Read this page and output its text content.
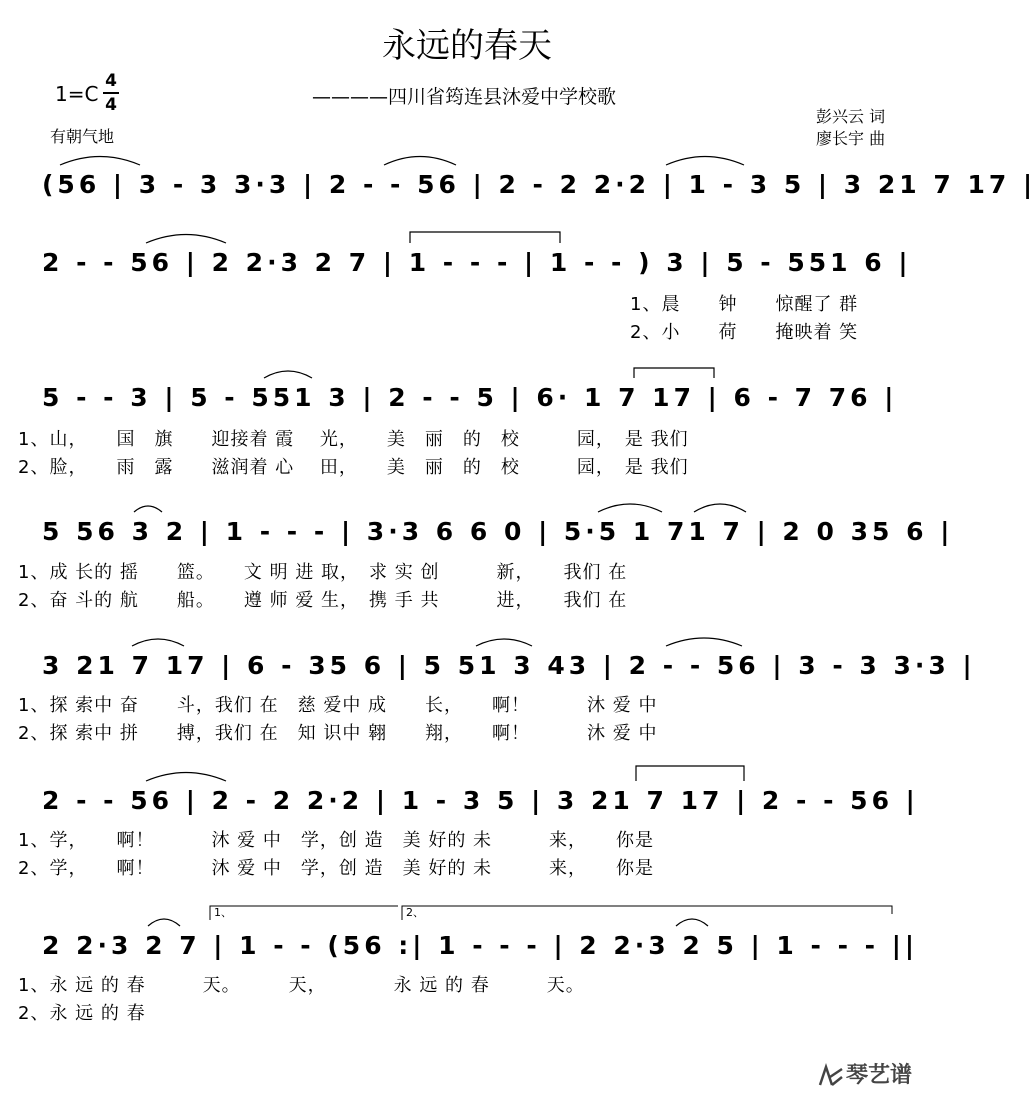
永远的春天
1=C
4
4	————四川省筠连县沐爱中学校歌
有朝气地
彭兴云 词
廖长宇 曲
(56 | 3 - 3 3·3 | 2 - - 56 | 2 - 2 2·2 | 1 - 3 5 | 3 21 7 17 |
2 - - 56 | 2 2·3 2 7 | 1 - - - | 1 - - ) 3 | 5 - 551 6 |
1、晨　　钟　　惊醒了 群
2、小　　荷　　掩映着 笑
5 - - 3 | 5 - 551 3 | 2 - - 5 | 6· 1 7 17 | 6 - 7 76 |
1、山，　　国　旗　　迎接着 霞　 光，　　美　丽　的　校　　　园，　是 我们
2、脸，　　雨　露　　滋润着 心　 田，　　美　丽　的　校　　　园，　是 我们
5 56 3 2 | 1 - - - | 3·3 6 6 0 | 5·5 1 71 7 | 2 0 35 6 |
1、成 长的 摇　　篮。　　文 明 进 取，　求 实 创　　　新，　　我们 在
2、奋 斗的 航　　船。　　遵 师 爱 生，　携 手 共　　　进，　　我们 在
3 21 7 17 | 6 - 35 6 | 5 51 3 43 | 2 - - 56 | 3 - 3 3·3 |
1、探 索中 奋　　斗，我们 在　慈 爱中 成　　长，　　啊！　　　沐 爱 中
2、探 索中 拼　　搏，我们 在　知 识中 翱　　翔，　　啊！　　　沐 爱 中
2 - - 56 | 2 - 2 2·2 | 1 - 3 5 | 3 21 7 17 | 2 - - 56 |
1、学，　　啊！　　　沐 爱 中　学，创 造　美 好的 未　　　来，　　你是
2、学，　　啊！　　　沐 爱 中　学，创 造　美 好的 未　　　来，　　你是
1、	2、
2 2·3 2 7 | 1 - - (56 :| 1 - - - | 2 2·3 2 5 | 1 - - - ||
1、永 远 的 春　　　天。　　　天，　　　　永 远 的 春　　　天。
2、永 远 的 春
琴艺谱
